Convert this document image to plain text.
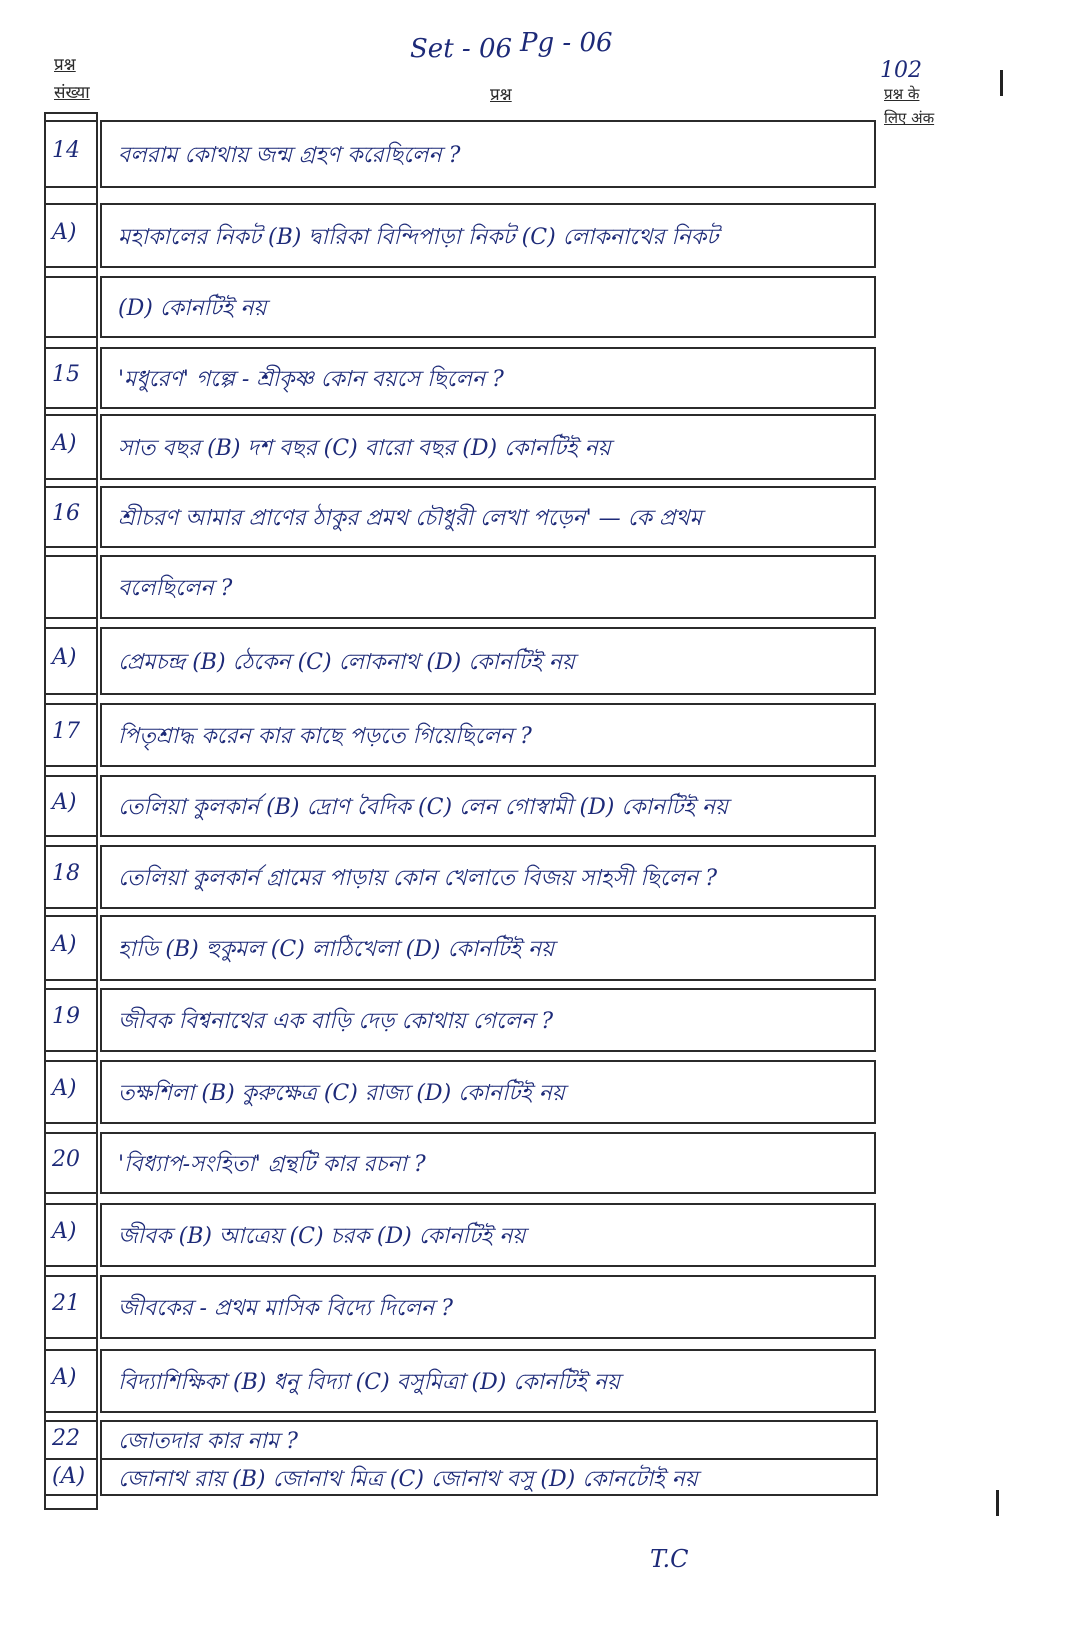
प्रश्न
संख्या	प्रश्न
Set - 06 Pg - 06
102
प्रश्न के
लिए अंक
14 বলরাম কোথায় জন্ম গ্রহণ করেছিলেন ?
A) মহাকালের নিকট (B) দ্বারিকা বিন্দিপাড়া নিকট (C) লোকনাথের নিকট
(D) কোনটিই নয়
15 'মধুরেণ' গল্পে - শ্রীকৃষ্ণ কোন বয়সে ছিলেন ?
A) সাত বছর (B) দশ বছর (C) বারো বছর (D) কোনটিই নয়
16 শ্রীচরণ আমার প্রাণের ঠাকুর প্রমথ চৌধুরী লেখা পড়েন' — কে প্রথম
বলেছিলেন ?
A) প্রেমচন্দ্র (B) ঠেকেন (C) লোকনাথ (D) কোনটিই নয়
17 পিতৃশ্রাদ্ধ করেন কার কাছে পড়তে গিয়েছিলেন ?
A) তেলিয়া কুলকার্ন (B) দ্রোণ বৈদিক (C) লেন গোস্বামী (D) কোনটিই নয়
18 তেলিয়া কুলকার্ন গ্রামের পাড়ায় কোন খেলাতে বিজয় সাহসী ছিলেন ?
A) হাডি (B) হুকুমল (C) লাঠিখেলা (D) কোনটিই নয়
19 জীবক বিশ্বনাথের এক বাড়ি দেড় কোথায় গেলেন ?
A) তক্ষশিলা (B) কুরুক্ষেত্র (C) রাজ্য (D) কোনটিই নয়
20 'বিধ্যাপ-সংহিতা' গ্রন্থটি কার রচনা ?
A) জীবক (B) আত্রেয় (C) চরক (D) কোনটিই নয়
21 জীবকের - প্রথম মাসিক বিদ্যে দিলেন ?
A) বিদ্যাশিক্ষিকা (B) ধনু বিদ্যা (C) বসুমিত্রা (D) কোনটিই নয়
22 জোতদার কার নাম ?
(A) জোনাথ রায় (B) জোনাথ মিত্র (C) জোনাথ বসু (D) কোনটোই নয়
T.C
